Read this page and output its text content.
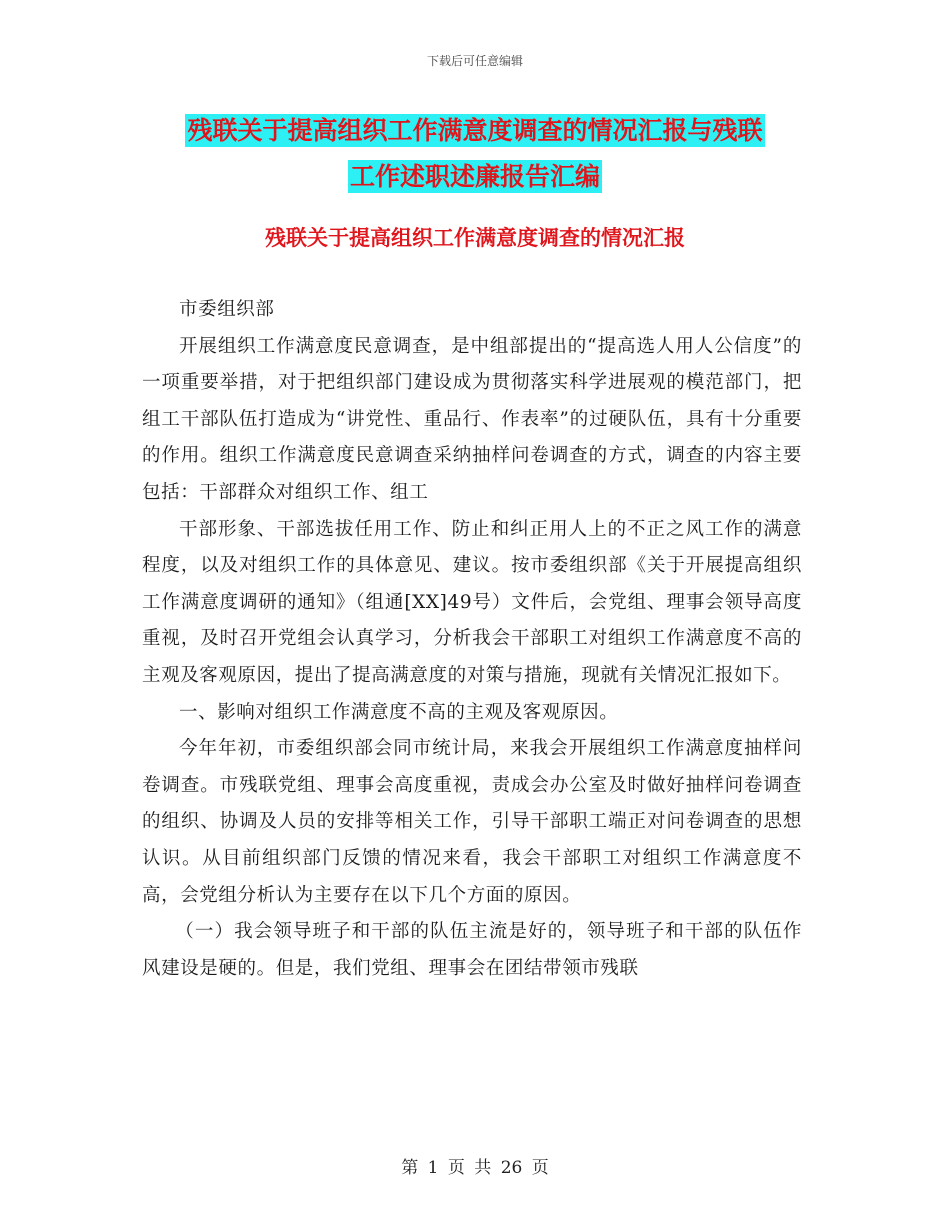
下载后可任意编辑
残联关于提高组织工作满意度调查的情况汇报与残联
工作述职述廉报告汇编
残联关于提高组织工作满意度调查的情况汇报

市委组织部

开展组织工作满意度民意调查，是中组部提出的“提高选人用人公信度”的一项重要举措，对于把组织部门建设成为贯彻落实科学进展观的模范部门，把组工干部队伍打造成为“讲党性、重品行、作表率”的过硬队伍，具有十分重要的作用。组织工作满意度民意调查采纳抽样问卷调查的方式，调查的内容主要包括：干部群众对组织工作、组工

干部形象、干部选拔任用工作、防止和纠正用人上的不正之风工作的满意程度，以及对组织工作的具体意见、建议。按市委组织部《关于开展提高组织工作满意度调研的通知》（组通[XX]49号）文件后，会党组、理事会领导高度重视，及时召开党组会认真学习，分析我会干部职工对组织工作满意度不高的主观及客观原因，提出了提高满意度的对策与措施，现就有关情况汇报如下。

一、影响对组织工作满意度不高的主观及客观原因。

今年年初，市委组织部会同市统计局，来我会开展组织工作满意度抽样问卷调查。市残联党组、理事会高度重视，责成会办公室及时做好抽样问卷调查的组织、协调及人员的安排等相关工作，引导干部职工端正对问卷调查的思想认识。从目前组织部门反馈的情况来看，我会干部职工对组织工作满意度不高，会党组分析认为主要存在以下几个方面的原因。

（一）我会领导班子和干部的队伍主流是好的，领导班子和干部的队伍作风建设是硬的。但是，我们党组、理事会在团结带领市残联

第 1 页 共 26 页
